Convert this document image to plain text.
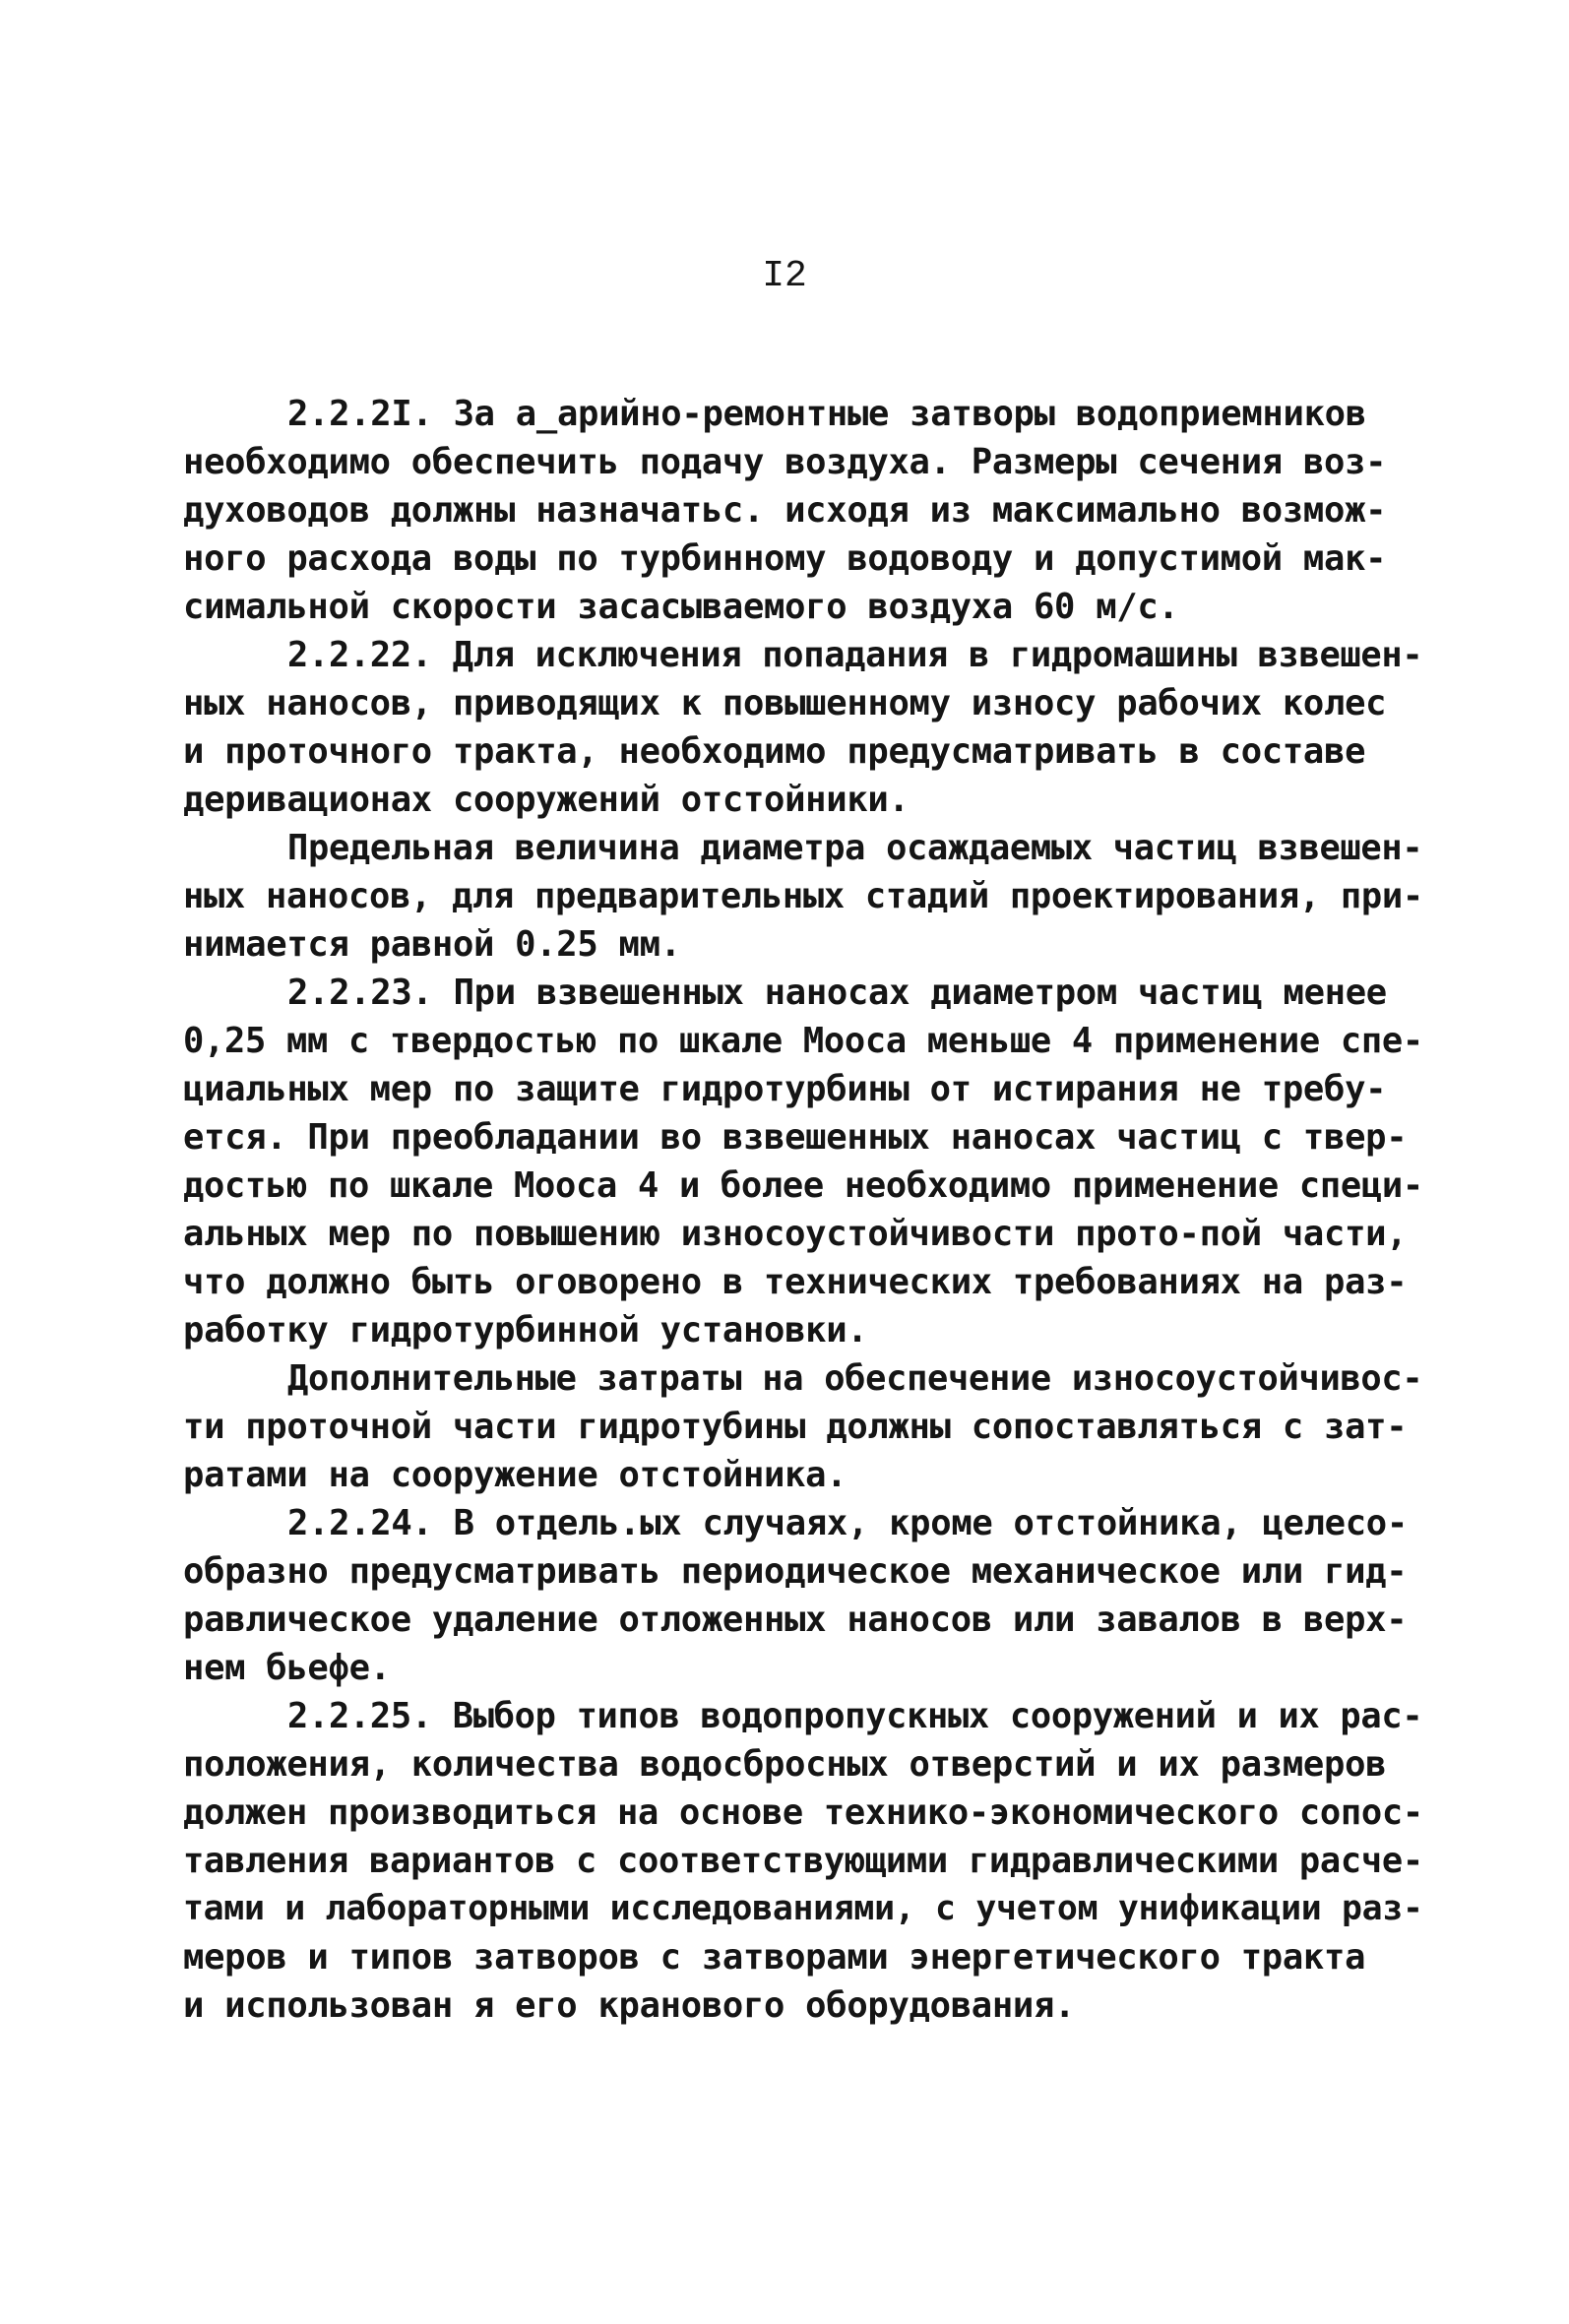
I2
2.2.2I. За а_арийно-ремонтные затворы водоприемников
необходимо обеспечить подачу воздуха. Размеры сечения воз-
духоводов должны назначатьс. исходя из максимально возмож-
ного расхода воды по турбинному водоводу и допустимой мак-
симальной скорости засасываемого воздуха 60 м/с.
2.2.22. Для исключения попадания в гидромашины взвешен-
ных наносов, приводящих к повышенному износу рабочих колес
и проточного тракта, необходимо предусматривать в составе
деривационах сооружений отстойники.
Предельная величина диаметра осаждаемых частиц взвешен-
ных наносов, для предварительных стадий проектирования, при-
нимается равной 0.25 мм.
2.2.23. При взвешенных наносах диаметром частиц менее
0,25 мм с твердостью по шкале Мооса меньше 4 применение спе-
циальных мер по защите гидротурбины от истирания не требу-
ется. При преобладании во взвешенных наносах частиц с твер-
достью по шкале Мооса 4 и более необходимо применение специ-
альных мер по повышению износоустойчивости прото-пой части,
что должно быть оговорено в технических требованиях на раз-
работку гидротурбинной установки.
Дополнительные затраты на обеспечение износоустойчивос-
ти проточной части гидротубины должны сопоставляться с зат-
ратами на сооружение отстойника.
2.2.24. В отдель.ых случаях, кроме отстойника, целесо-
образно предусматривать периодическое механическое или гид-
равлическое удаление отложенных наносов или завалов в верх-
нем бьефе.
2.2.25. Выбор типов водопропускных сооружений и их рас-
положения, количества водосбросных отверстий и их размеров
должен производиться на основе технико-экономического сопос-
тавления вариантов с соответствующими гидравлическими расче-
тами и лабораторными исследованиями, с учетом унификации раз-
меров и типов затворов с затворами энергетического тракта
и использован я его кранового оборудования.
